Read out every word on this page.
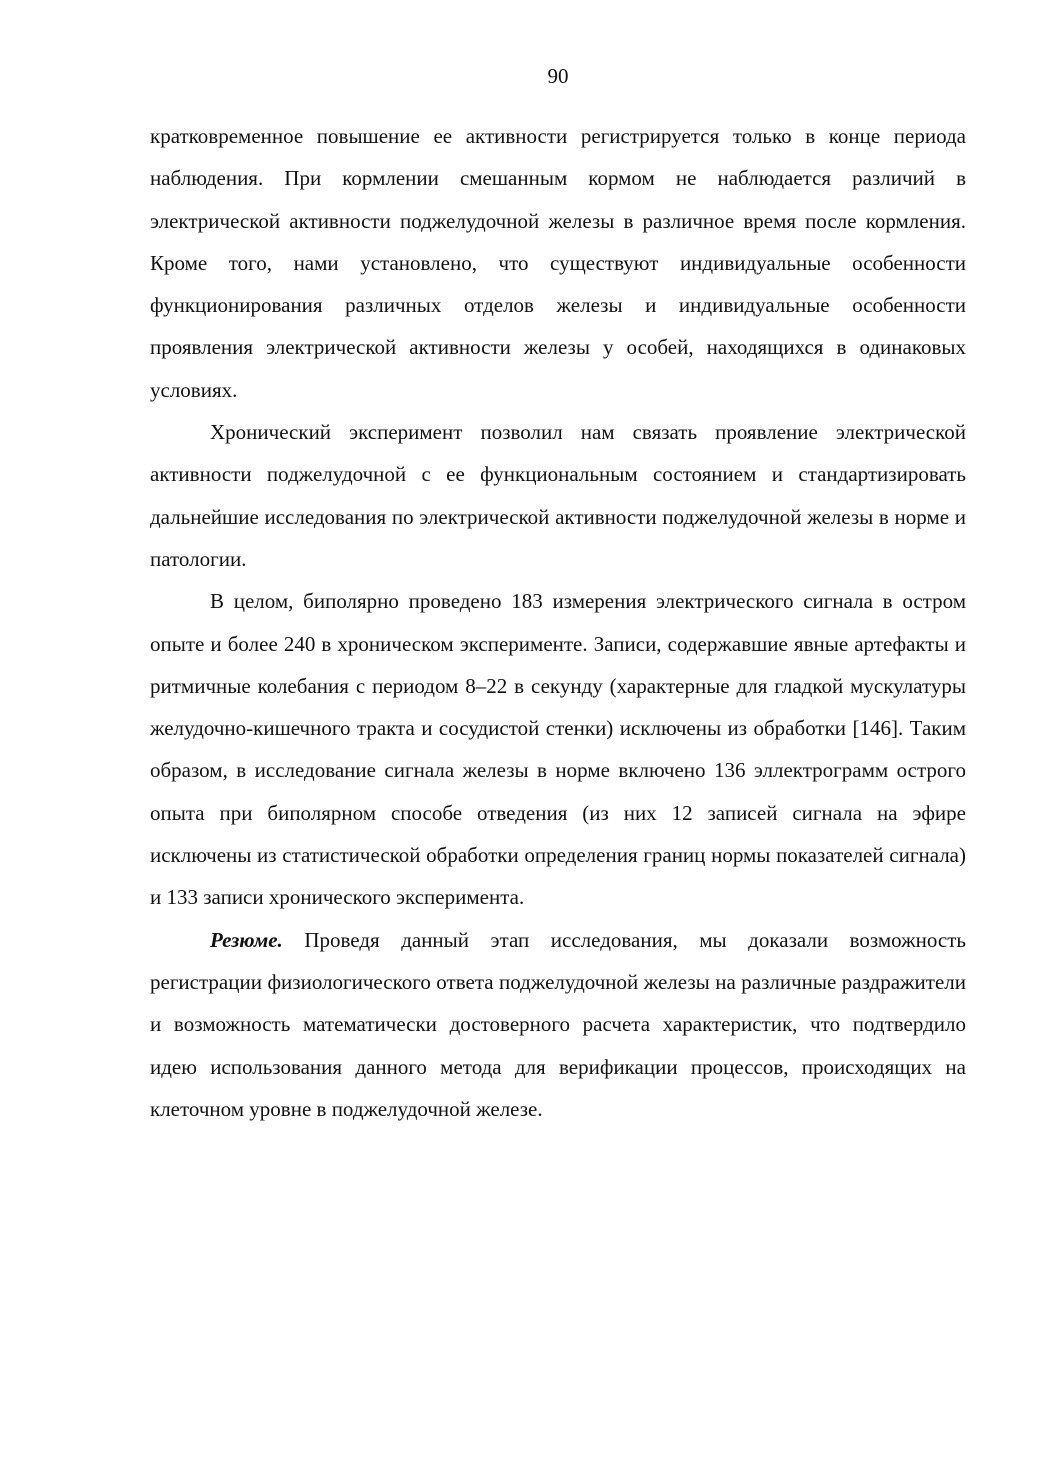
90

кратковременное повышение ее активности регистрируется только в конце периода наблюдения. При кормлении смешанным кормом не наблюдается различий в электрической активности поджелудочной железы в различное время после кормления. Кроме того, нами установлено, что существуют индивидуальные особенности функционирования различных отделов железы и индивидуальные особенности проявления электрической активности железы у особей, находящихся в одинаковых условиях.

Хронический эксперимент позволил нам связать проявление электрической активности поджелудочной с ее функциональным состоянием и стандартизировать дальнейшие исследования по электрической активности поджелудочной железы в норме и патологии.

В целом, биполярно проведено 183 измерения электрического сигнала в остром опыте и более 240 в хроническом эксперименте. Записи, содержавшие явные артефакты и ритмичные колебания с периодом 8–22 в секунду (характерные для гладкой мускулатуры желудочно-кишечного тракта и сосудистой стенки) исключены из обработки [146]. Таким образом, в исследование сигнала железы в норме включено 136 эллектрограмм острого опыта при биполярном способе отведения (из них 12 записей сигнала на эфире исключены из статистической обработки определения границ нормы показателей сигнала) и 133 записи хронического эксперимента.

Резюме. Проведя данный этап исследования, мы доказали возможность регистрации физиологического ответа поджелудочной железы на различные раздражители и возможность математически достоверного расчета характеристик, что подтвердило идею использования данного метода для верификации процессов, происходящих на клеточном уровне в поджелудочной железе.
